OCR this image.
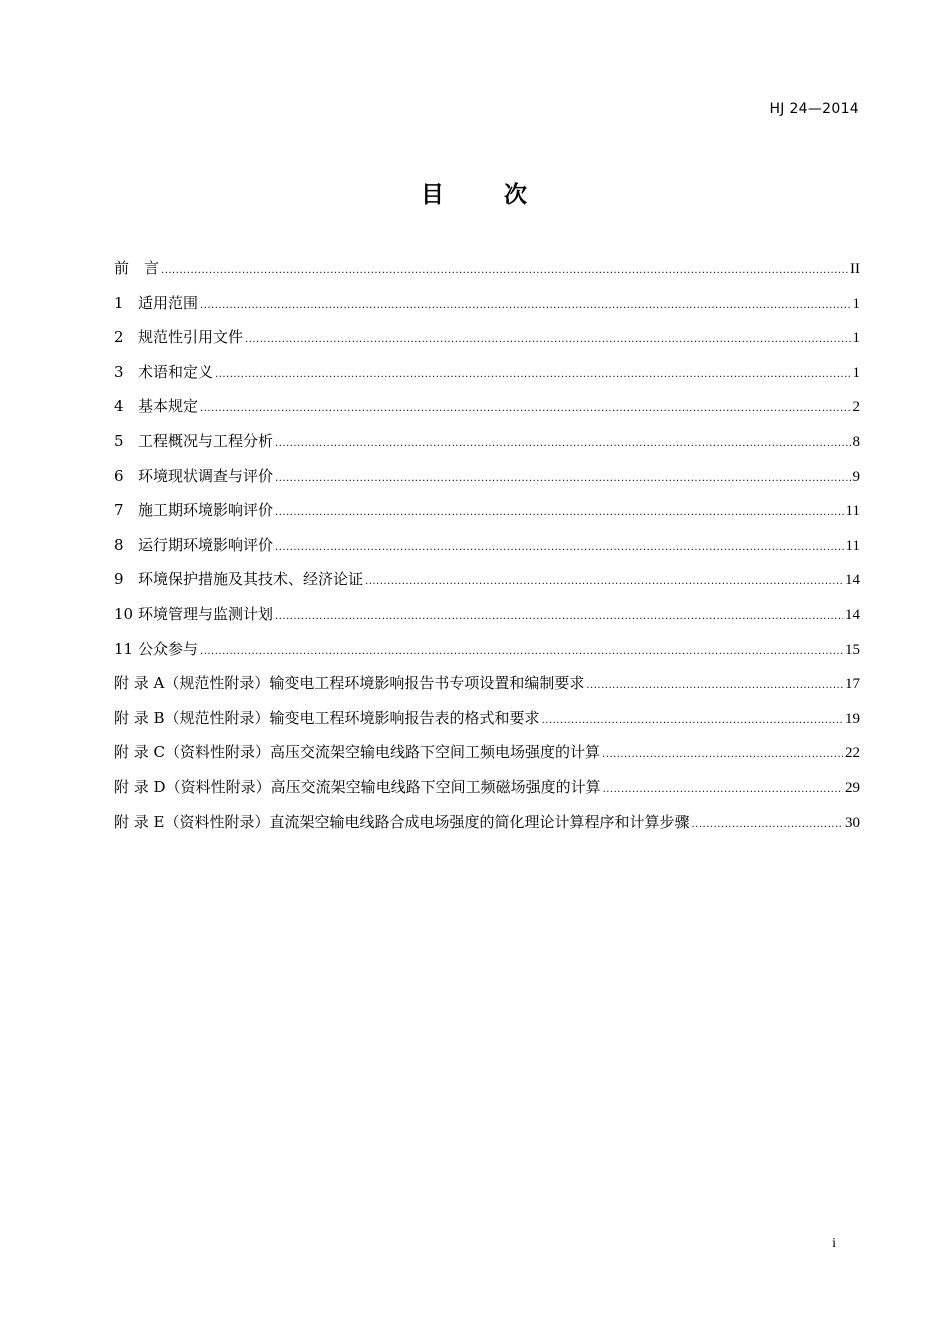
HJ 24—2014
目 次
前　言 .....	II
1 适用范围 .....	1
2 规范性引用文件 .....	1
3 术语和定义 .....	1
4 基本规定 .....	2
5 工程概况与工程分析 .....	8
6 环境现状调查与评价 .....	9
7 施工期环境影响评价 .....	11
8 运行期环境影响评价 .....	11
9 环境保护措施及其技术、经济论证 .....	14
10 环境管理与监测计划 .....	14
11 公众参与 .....	15
附 录 A（规范性附录）输变电工程环境影响报告书专项设置和编制要求 .....	17
附 录 B（规范性附录）输变电工程环境影响报告表的格式和要求 .....	19
附 录 C（资料性附录）高压交流架空输电线路下空间工频电场强度的计算 .....	22
附 录 D（资料性附录）高压交流架空输电线路下空间工频磁场强度的计算 .....	29
附 录 E（资料性附录）直流架空输电线路合成电场强度的简化理论计算程序和计算步骤 .....	30
i
